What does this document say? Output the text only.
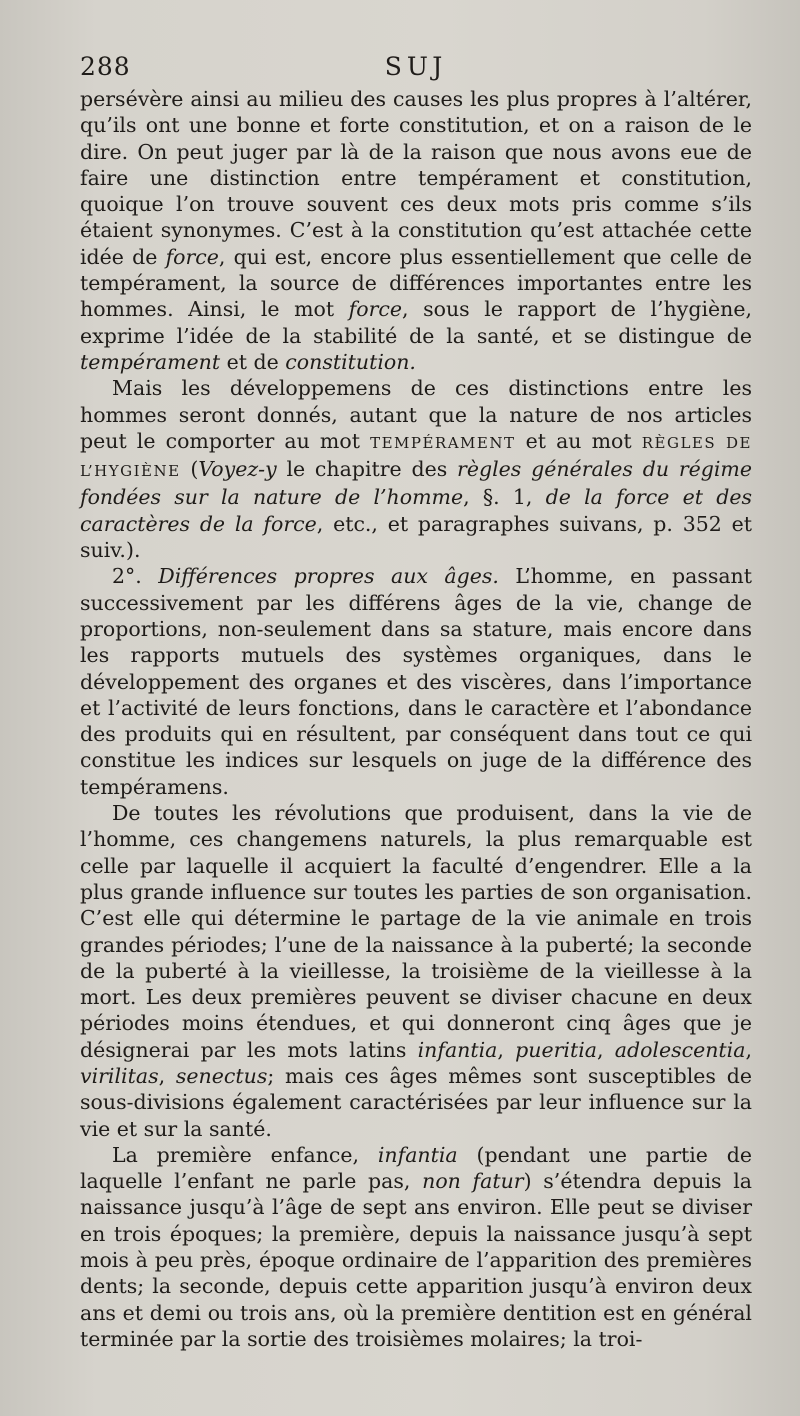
288	SUJ

persévère ainsi au milieu des causes les plus propres à l’altérer, qu’ils ont une bonne et forte constitution, et on a raison de le dire. On peut juger par là de la raison que nous avons eue de faire une distinction entre tempérament et constitution, quoique l’on trouve souvent ces deux mots pris comme s’ils étaient synonymes. C’est à la constitution qu’est attachée cette idée de force, qui est, encore plus essentiellement que celle de tempérament, la source de différences importantes entre les hommes. Ainsi, le mot force, sous le rapport de l’hygiène, exprime l’idée de la stabilité de la santé, et se distingue de tempérament et de constitution.

Mais les développemens de ces distinctions entre les hommes seront donnés, autant que la nature de nos articles peut le comporter au mot TEMPÉRAMENT et au mot RÈGLES DE L’HYGIÈNE (Voyez-y le chapitre des règles générales du régime fondées sur la nature de l’homme, §. 1, de la force et des caractères de la force, etc., et paragraphes suivans, p. 352 et suiv.).

2°. Différences propres aux âges. L’homme, en passant successivement par les différens âges de la vie, change de proportions, non-seulement dans sa stature, mais encore dans les rapports mutuels des systèmes organiques, dans le développement des organes et des viscères, dans l’importance et l’activité de leurs fonctions, dans le caractère et l’abondance des produits qui en résultent, par conséquent dans tout ce qui constitue les indices sur lesquels on juge de la différence des tempéramens.

De toutes les révolutions que produisent, dans la vie de l’homme, ces changemens naturels, la plus remarquable est celle par laquelle il acquiert la faculté d’engendrer. Elle a la plus grande influence sur toutes les parties de son organisation. C’est elle qui détermine le partage de la vie animale en trois grandes périodes; l’une de la naissance à la puberté; la seconde de la puberté à la vieillesse, la troisième de la vieillesse à la mort. Les deux premières peuvent se diviser chacune en deux périodes moins étendues, et qui donneront cinq âges que je désignerai par les mots latins infantia, pueritia, adolescentia, virilitas, senectus; mais ces âges mêmes sont susceptibles de sous-divisions également caractérisées par leur influence sur la vie et sur la santé.

La première enfance, infantia (pendant une partie de laquelle l’enfant ne parle pas, non fatur) s’étendra depuis la naissance jusqu’à l’âge de sept ans environ. Elle peut se diviser en trois époques; la première, depuis la naissance jusqu’à sept mois à peu près, époque ordinaire de l’apparition des premières dents; la seconde, depuis cette apparition jusqu’à environ deux ans et demi ou trois ans, où la première dentition est en général terminée par la sortie des troisièmes molaires; la troi-
